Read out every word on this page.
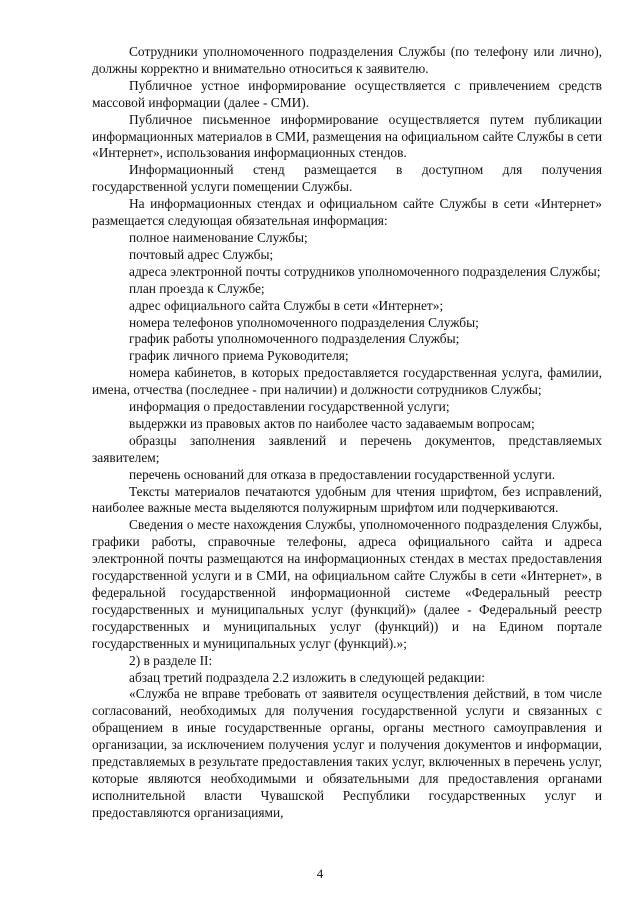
Сотрудники уполномоченного подразделения Службы (по телефону или лично), должны корректно и внимательно относиться к заявителю.

Публичное устное информирование осуществляется с привлечением средств массовой информации (далее - СМИ).

Публичное письменное информирование осуществляется путем публикации информационных материалов в СМИ, размещения на официальном сайте Службы в сети «Интернет», использования информационных стендов.

Информационный стенд размещается в доступном для получения государственной услуги помещении Службы.

На информационных стендах и официальном сайте Службы в сети «Интернет» размещается следующая обязательная информация:

полное наименование Службы;

почтовый адрес Службы;

адреса электронной почты сотрудников уполномоченного подразделения Службы;

план проезда к Службе;

адрес официального сайта Службы в сети «Интернет»;

номера телефонов уполномоченного подразделения Службы;

график работы уполномоченного подразделения Службы;

график личного приема Руководителя;

номера кабинетов, в которых предоставляется государственная услуга, фамилии, имена, отчества (последнее - при наличии) и должности сотрудников Службы;

информация о предоставлении государственной услуги;

выдержки из правовых актов по наиболее часто задаваемым вопросам;

образцы заполнения заявлений и перечень документов, представляемых заявителем;

перечень оснований для отказа в предоставлении государственной услуги.

Тексты материалов печатаются удобным для чтения шрифтом, без исправлений, наиболее важные места выделяются полужирным шрифтом или подчеркиваются.

Сведения о месте нахождения Службы, уполномоченного подразделения Службы, графики работы, справочные телефоны, адреса официального сайта и адреса электронной почты размещаются на информационных стендах в местах предоставления государственной услуги и в СМИ, на официальном сайте Службы в сети «Интернет», в федеральной государственной информационной системе «Федеральный реестр государственных и муниципальных услуг (функций)» (далее - Федеральный реестр государственных и муниципальных услуг (функций)) и на Едином портале государственных и муниципальных услуг (функций).»;

2) в разделе II:

абзац третий подраздела 2.2 изложить в следующей редакции:

«Служба не вправе требовать от заявителя осуществления действий, в том числе согласований, необходимых для получения государственной услуги и связанных с обращением в иные государственные органы, органы местного самоуправления и организации, за исключением получения услуг и получения документов и информации, представляемых в результате предоставления таких услуг, включенных в перечень услуг, которые являются необходимыми и обязательными для предоставления органами исполнительной власти Чувашской Республики государственных услуг и предоставляются организациями,

4
